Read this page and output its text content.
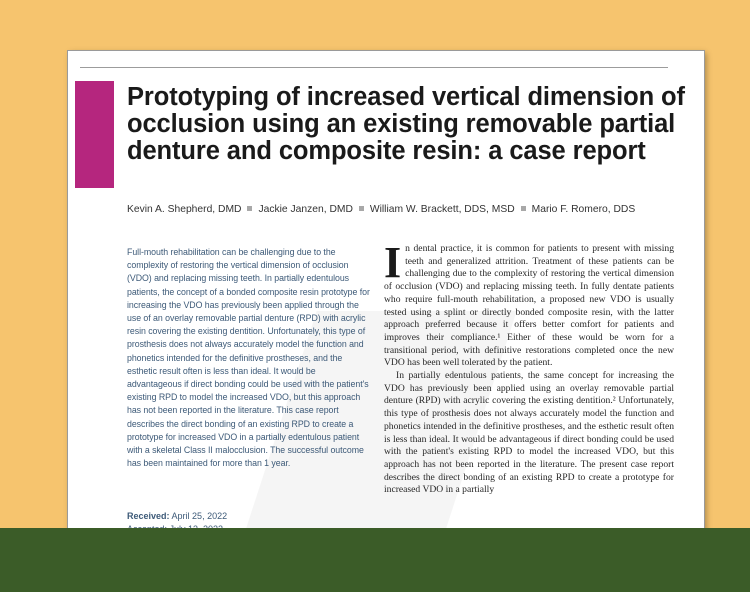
Prototyping of increased vertical dimension of occlusion using an existing removable partial denture and composite resin: a case report
Kevin A. Shepherd, DMD Jackie Janzen, DMD William W. Brackett, DDS, MSD Mario F. Romero, DDS

Full-mouth rehabilitation can be challenging due to the complexity of restoring the vertical dimension of occlusion (VDO) and replacing missing teeth. In partially edentulous patients, the concept of a bonded composite resin prototype for increasing the VDO has previously been applied through the use of an overlay removable partial denture (RPD) with acrylic resin covering the existing dentition. Unfortunately, this type of prosthesis does not always accurately model the function and phonetics intended for the definitive prostheses, and the esthetic result often is less than ideal. It would be advantageous if direct bonding could be used with the patient's existing RPD to model the increased VDO, but this approach has not been reported in the literature. This case report describes the direct bonding of an existing RPD to create a prototype for increased VDO in a partially edentulous patient with a skeletal Class II malocclusion. The successful outcome has been maintained for more than 1 year.

Received: April 25, 2022

In dental practice, it is common for patients to present with missing teeth and generalized attrition. Treatment of these patients can be challenging due to the complexity of restoring the vertical dimension of occlusion (VDO) and replacing missing teeth. In fully dentate patients who require full-mouth rehabilitation, a proposed new VDO is usually tested using a splint or directly bonded composite resin, with the latter approach preferred because it offers better comfort for patients and improves their compliance.¹ Either of these would be worn for a transitional period, with definitive restorations completed once the new VDO has been well tolerated by the patient.

In partially edentulous patients, the same concept for increasing the VDO has previously been applied using an overlay removable partial denture (RPD) with acrylic covering the existing dentition.² Unfortunately, this type of prosthesis does not always accurately model the function and phonetics intended in the definitive prostheses, and the esthetic result often is less than ideal. It would be advantageous if direct bonding could be used with the patient's existing RPD to model the increased VDO, but this approach has not been reported in the literature. The present case report describes the direct bonding of an existing RPD to create a prototype for increased VDO in a partially
